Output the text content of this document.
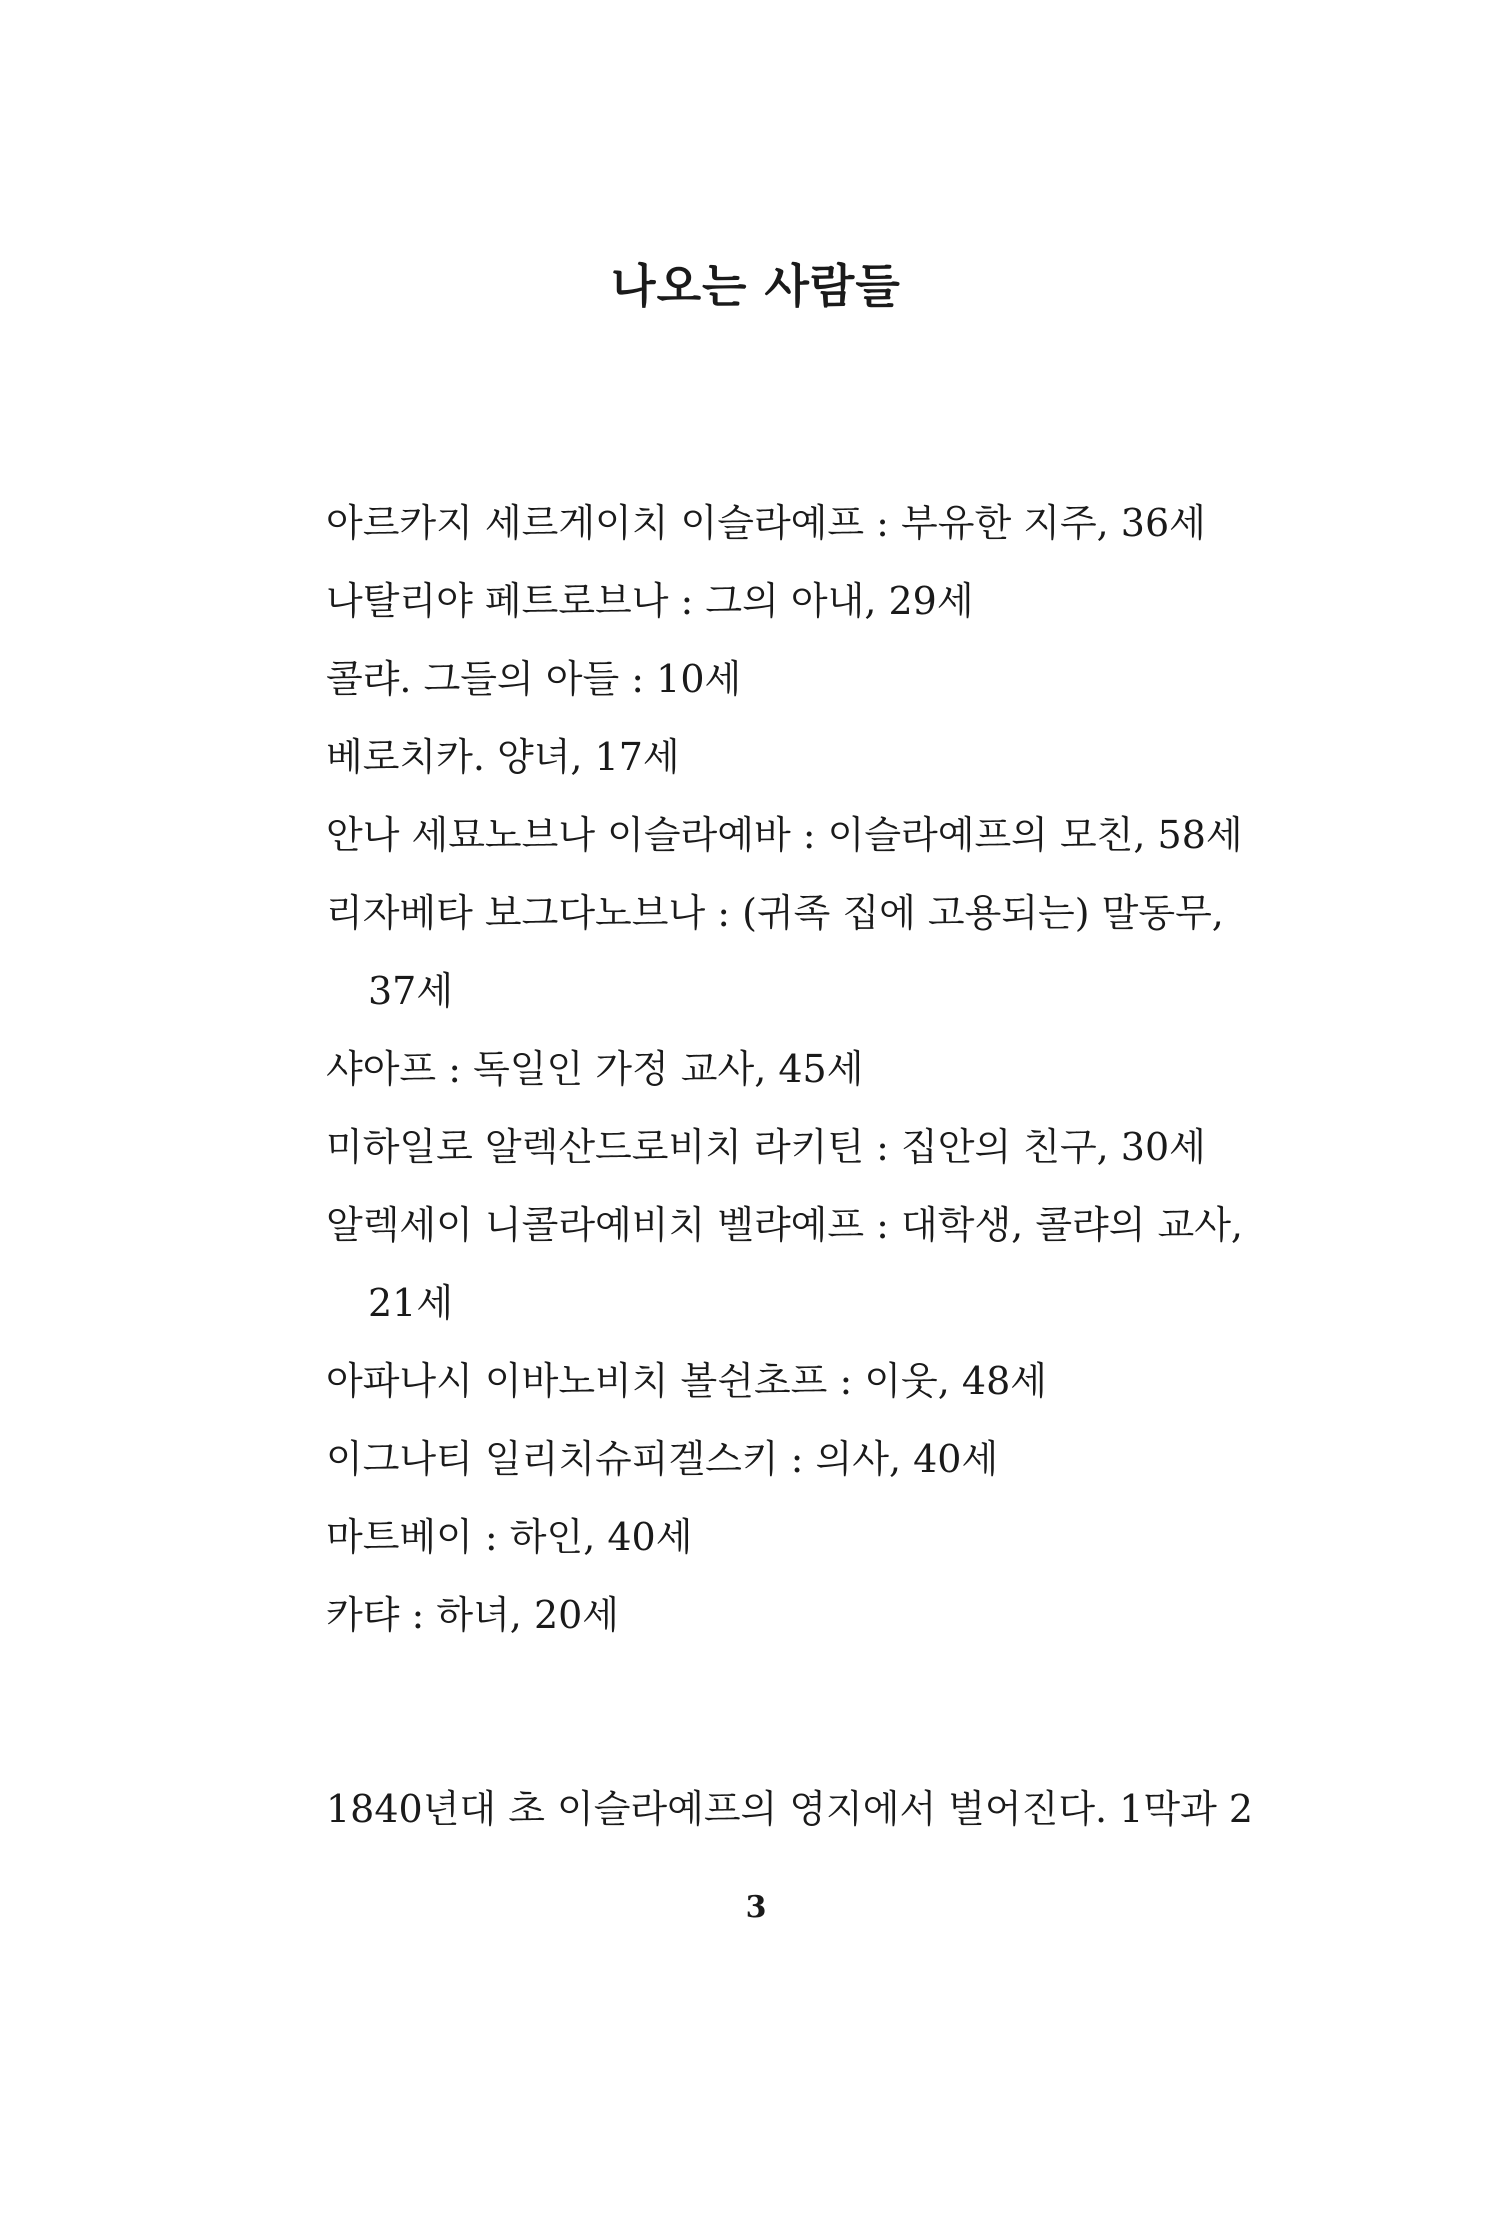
나오는 사람들
아르카지 세르게이치 이슬라예프 : 부유한 지주, 36세
나탈리야 페트로브나 : 그의 아내, 29세
콜랴. 그들의 아들 : 10세
베로치카. 양녀, 17세
안나 세묘노브나 이슬라예바 : 이슬라예프의 모친, 58세
리자베타 보그다노브나 : (귀족 집에 고용되는) 말동무,
37세
샤아프 : 독일인 가정 교사, 45세
미하일로 알렉산드로비치 라키틴 : 집안의 친구, 30세
알렉세이 니콜라예비치 벨랴예프 : 대학생, 콜랴의 교사,
21세
아파나시 이바노비치 볼쉰초프 : 이웃, 48세
이그나티 일리치슈피겔스키 : 의사, 40세
마트베이 : 하인, 40세
카탸 : 하녀, 20세

1840년대 초 이슬라예프의 영지에서 벌어진다. 1막과 2

3
